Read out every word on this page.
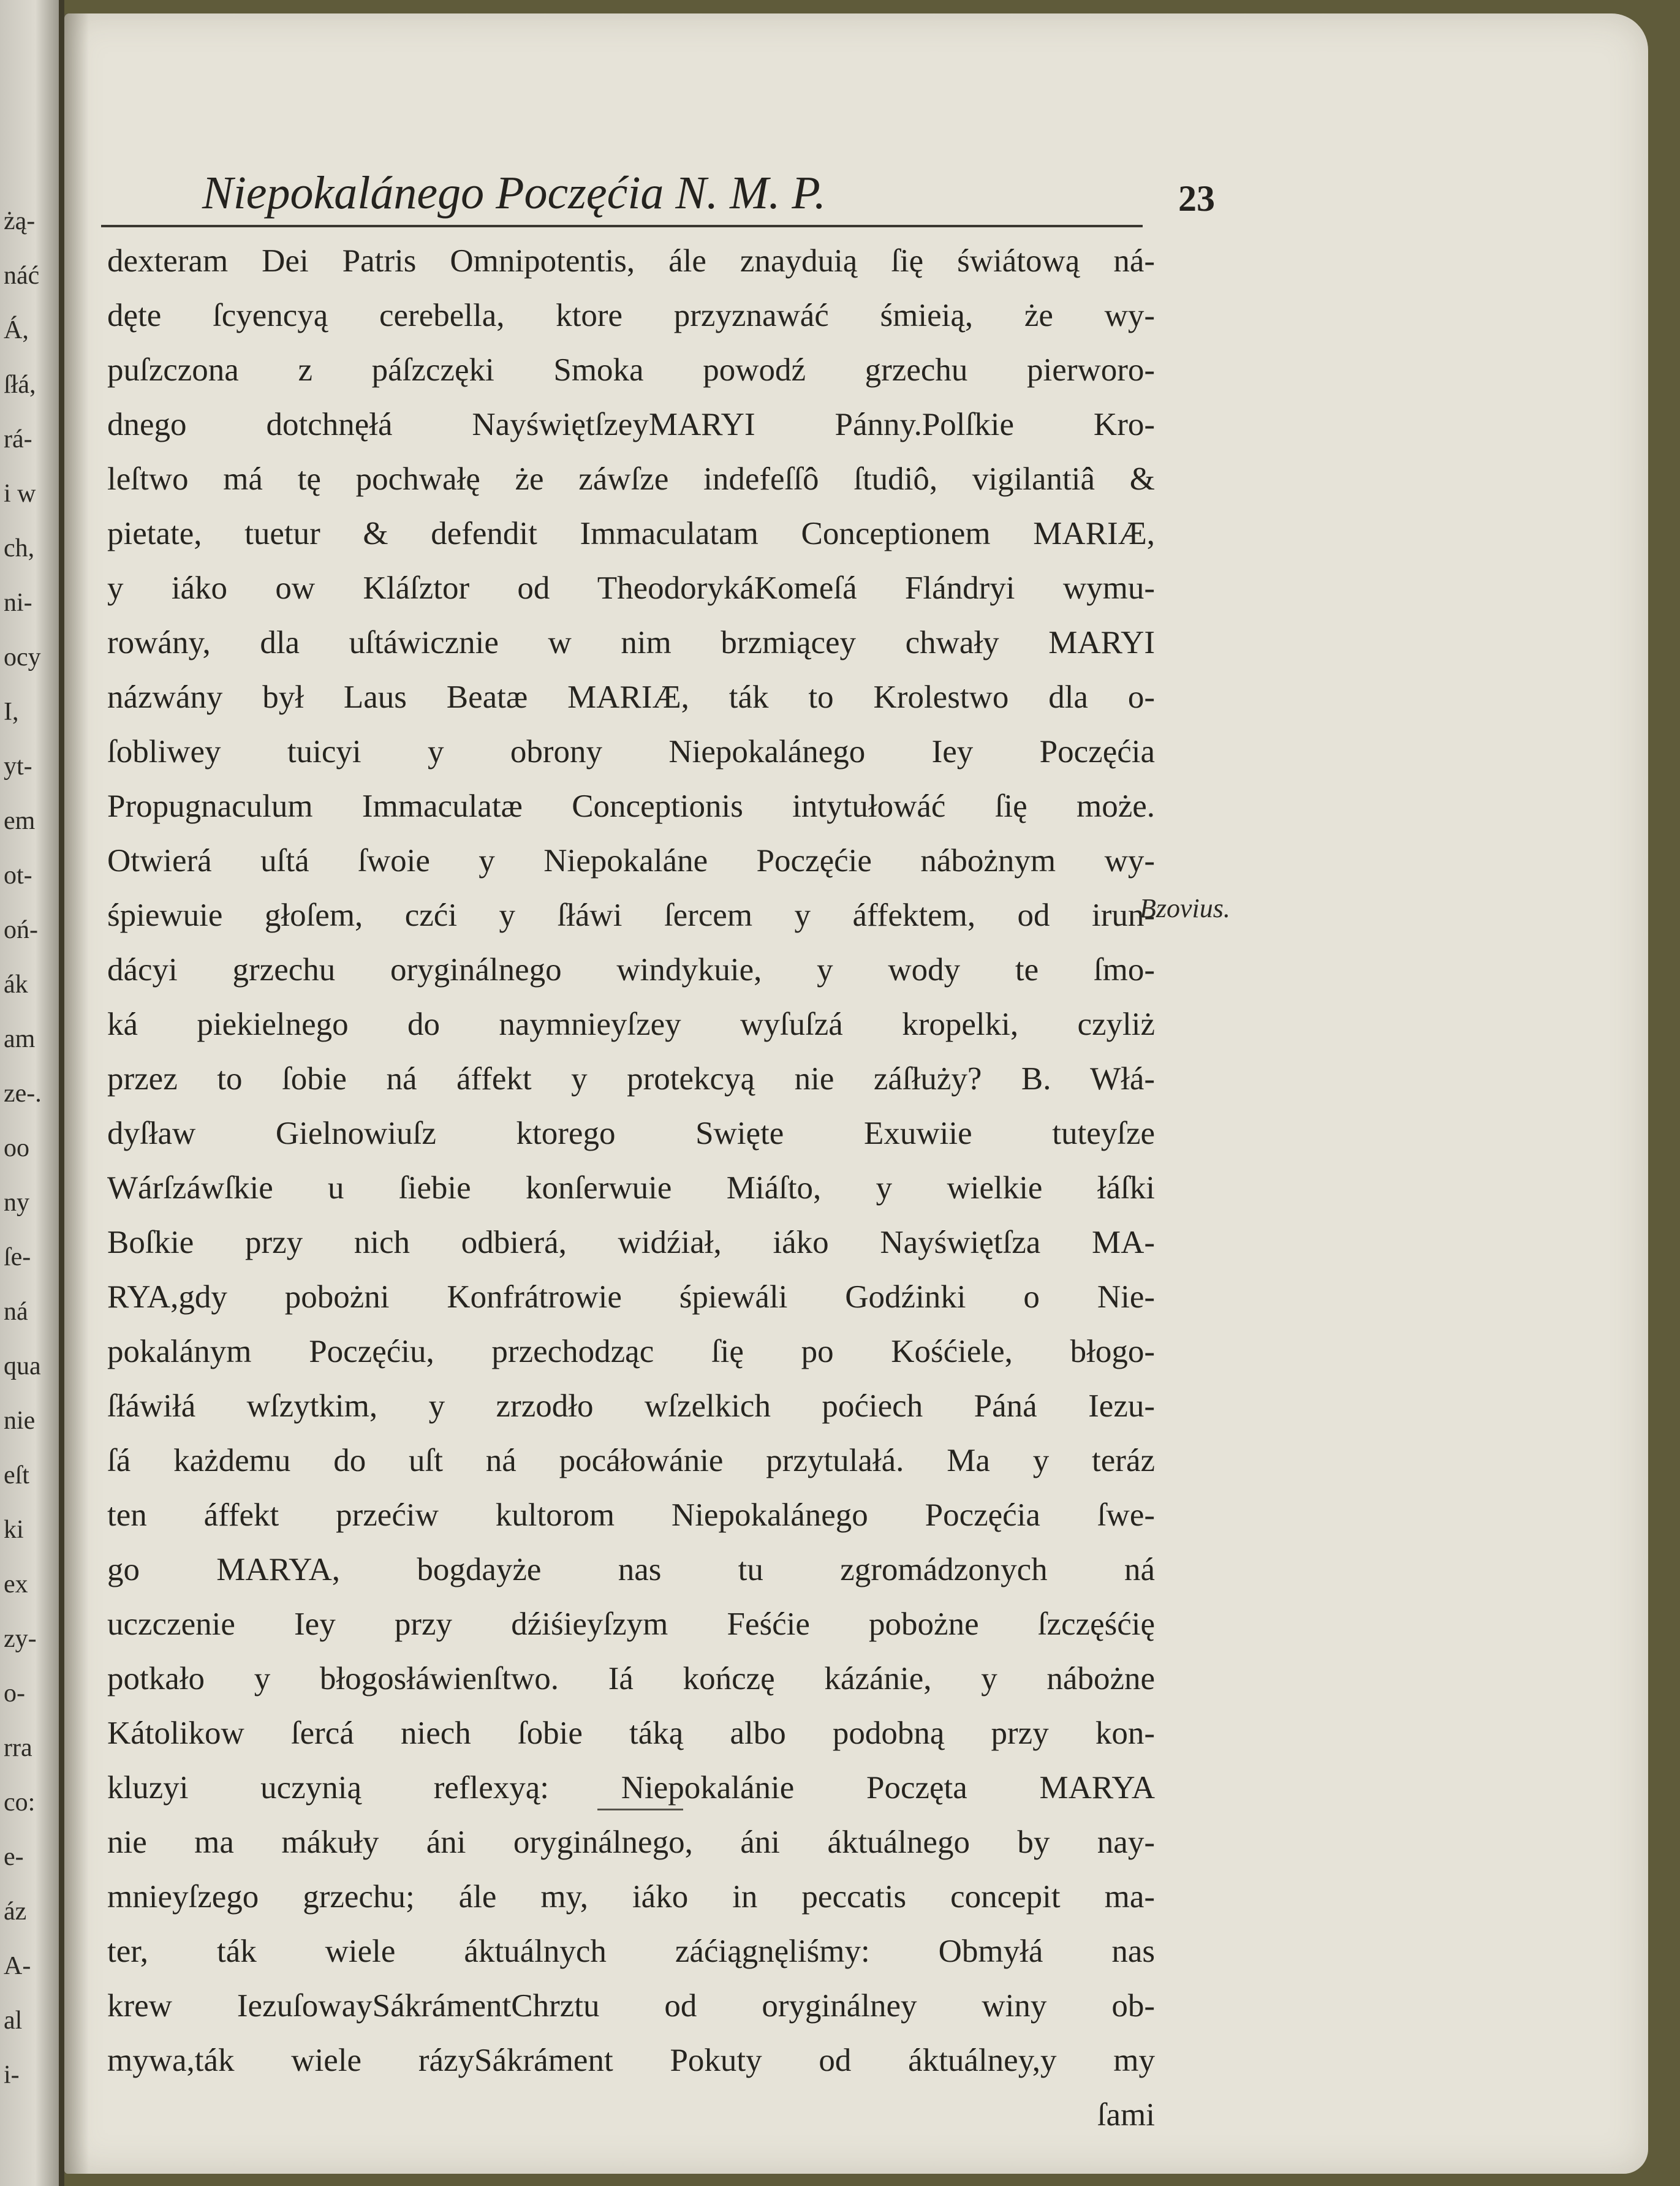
żą-
náć
Á,
ſłá,
rá-
i w
ch,
ni-
ocy
I,
yt-
em
ot-
oń-
ák
am
ze-.
oo
ny
ſe-
ná
qua
nie
eſt
ki
ex
zy-
o-
rra
co:
e-
áz
A-
al
i-
Niepokalánego Poczęćia N. M. P.	23
dexteram Dei Patris Omnipotentis, ále znayduią ſię świátową ná-
dęte ſcyencyą cerebella, ktore przyznawáć śmieią, że wy-
puſzczona z páſzczęki Smoka powodź grzechu pierworo-
dnego dotchnęłá NayświętſzeyMARYI Pánny.Polſkie Kro-
leſtwo má tę pochwałę że záwſze indefeſſô ſtudiô, vigilantiâ &
pietate, tuetur & defendit Immaculatam Conceptionem MARIÆ,
y iáko ow Kláſztor od TheodorykáKomeſá Flándryi wymu-
rowány, dla uſtáwicznie w nim brzmiącey chwały MARYI
názwány był Laus Beatæ MARIÆ, ták to Krolestwo dla o-
ſobliwey tuicyi y obrony Niepokalánego Iey Poczęćia
Propugnaculum Immaculatæ Conceptionis intytułowáć ſię może.
Otwierá uſtá ſwoie y Niepokaláne Poczęćie nábożnym wy-
śpiewuie głoſem, czći y ſłáwi ſercem y áffektem, od irun-
dácyi grzechu oryginálnego windykuie, y wody te ſmo-
ká piekielnego do naymnieyſzey wyſuſzá kropelki, czyliż
przez to ſobie ná áffekt y protekcyą nie záſłuży? B. Włá-
dyſław Gielnowiuſz ktorego Swięte Exuwiie tuteyſze
Wárſzáwſkie u ſiebie konſerwuie Miáſto, y wielkie łáſki
Boſkie przy nich odbierá, widźiał, iáko Nayświętſza MA-
RYA,gdy pobożni Konfrátrowie śpiewáli Godźinki o Nie-
pokalánym Poczęćiu, przechodząc ſię po Kośćiele, błogo-
ſłáwiłá wſzytkim, y zrzodło wſzelkich poćiech Páná Iezu-
ſá każdemu do uſt ná pocáłowánie przytulałá. Ma y teráz
ten áffekt przećiw kultorom Niepokalánego Poczęćia ſwe-
go MARYA, bogdayże nas tu zgromádzonych ná
uczczenie Iey przy dźiśieyſzym Feśćie pobożne ſzczęśćię
potkało y błogosłáwienſtwo. Iá kończę kázánie, y nábożne
Kátolikow ſercá niech ſobie táką albo podobną przy kon-
kluzyi uczynią reflexyą: Niepokalánie Poczęta MARYA
nie ma mákuły áni oryginálnego, áni áktuálnego by nay-
mnieyſzego grzechu; ále my, iáko in peccatis concepit ma-
ter, ták wiele áktuálnych záćiągnęliśmy: Obmyłá nas
krew IezuſowaySákrámentChrztu od oryginálney winy ob-
mywa,ták wiele rázySákráment Pokuty od áktuálney,y my
ſami
Bzovius.
